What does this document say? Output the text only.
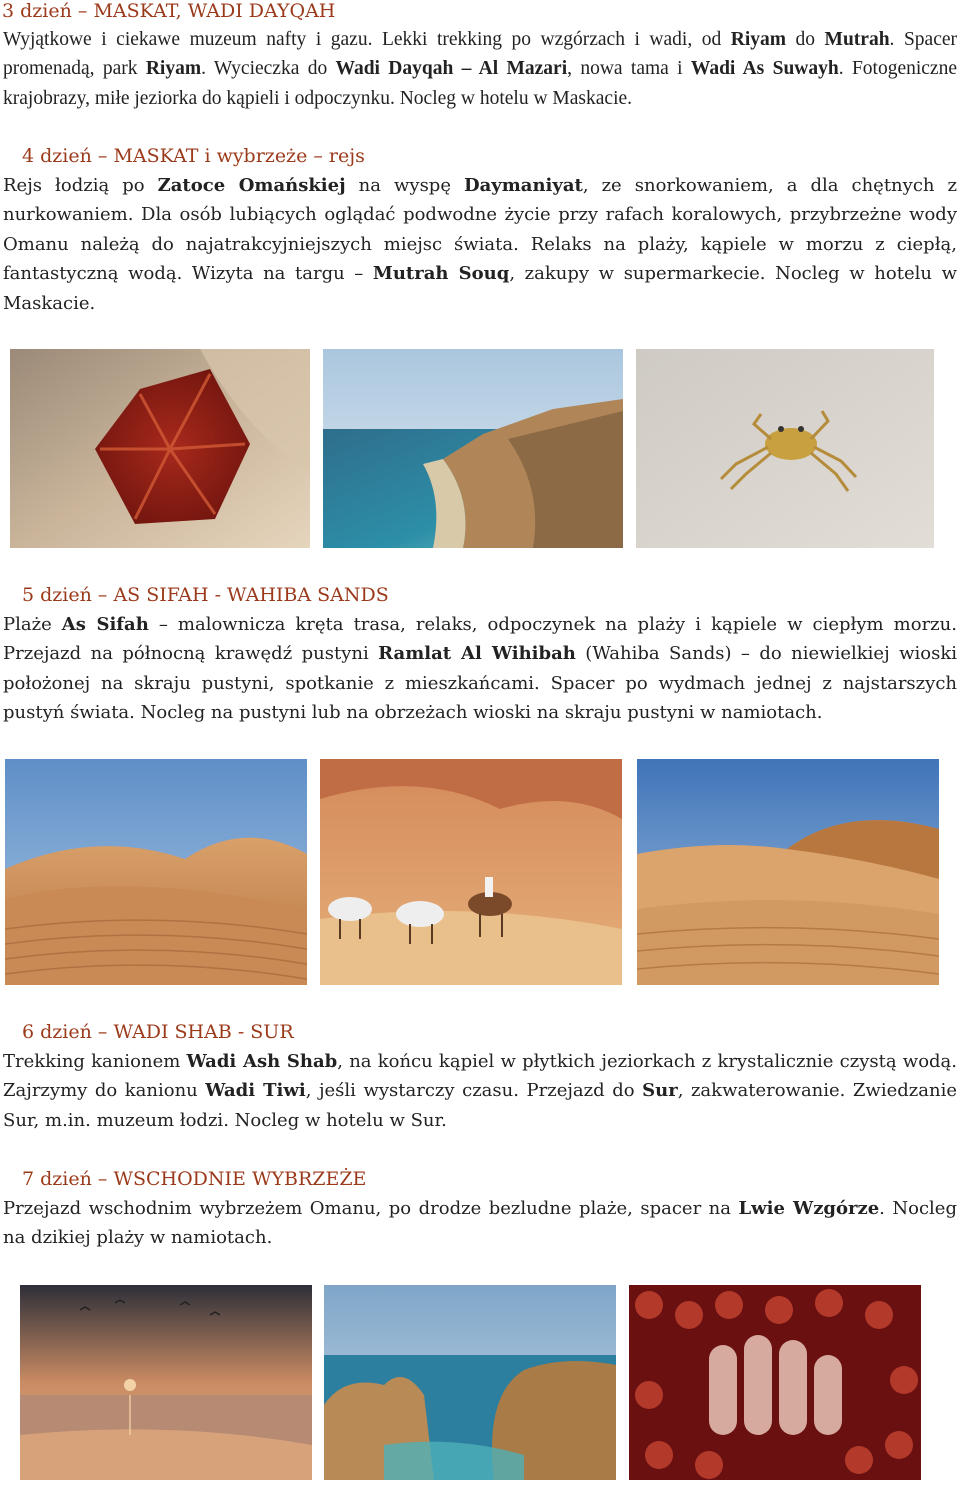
3 dzień – MASKAT, WADI DAYQAH

Wyjątkowe i ciekawe muzeum nafty i gazu. Lekki trekking po wzgórzach i wadi, od Riyam do Mutrah. Spacer promenadą, park Riyam. Wycieczka do Wadi Dayqah – Al Mazari, nowa tama i Wadi As Suwayh. Fotogeniczne krajobrazy, miłe jeziorka do kąpieli i odpoczynku. Nocleg w hotelu w Maskacie.

4 dzień – MASKAT i wybrzeże – rejs

Rejs łodzią po Zatoce Omańskiej na wyspę Daymaniyat, ze snorkowaniem, a dla chętnych z nurkowaniem. Dla osób lubiących oglądać podwodne życie przy rafach koralowych, przybrzeżne wody Omanu należą do najatrakcyjniejszych miejsc świata. Relaks na plaży, kąpiele w morzu z ciepłą, fantastyczną wodą. Wizyta na targu – Mutrah Souq, zakupy w supermarkecie. Nocleg w hotelu w Maskacie.

5 dzień – AS SIFAH - WAHIBA SANDS

Plaże As Sifah – malownicza kręta trasa, relaks, odpoczynek na plaży i kąpiele w ciepłym morzu. Przejazd na północną krawędź pustyni Ramlat Al Wihibah (Wahiba Sands) – do niewielkiej wioski położonej na skraju pustyni, spotkanie z mieszkańcami. Spacer po wydmach jednej z najstarszych pustyń świata. Nocleg na pustyni lub na obrzeżach wioski na skraju pustyni w namiotach.

6 dzień – WADI SHAB - SUR

Trekking kanionem Wadi Ash Shab, na końcu kąpiel w płytkich jeziorkach z krystalicznie czystą wodą. Zajrzymy do kanionu Wadi Tiwi, jeśli wystarczy czasu. Przejazd do Sur, zakwaterowanie. Zwiedzanie Sur, m.in. muzeum łodzi. Nocleg w hotelu w Sur.

7 dzień – WSCHODNIE WYBRZEŻE

Przejazd wschodnim wybrzeżem Omanu, po drodze bezludne plaże, spacer na Lwie Wzgórze. Nocleg na dzikiej plaży w namiotach.
